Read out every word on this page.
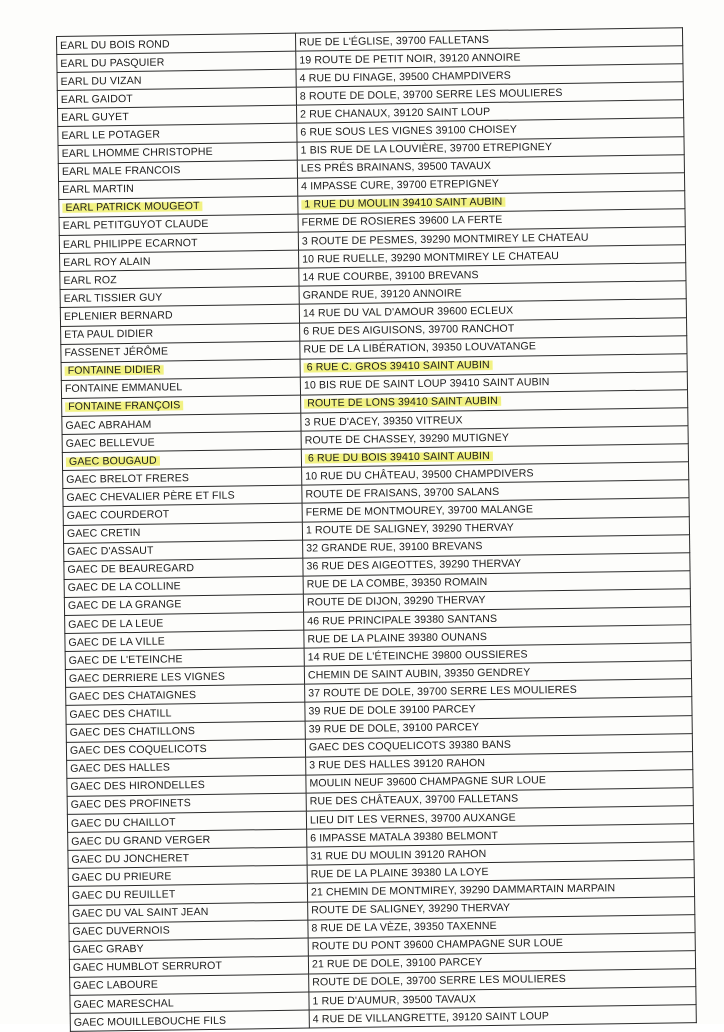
EARL DU BOIS ROND	RUE DE L'ÉGLISE, 39700 FALLETANS
EARL DU PASQUIER	19 ROUTE DE PETIT NOIR, 39120 ANNOIRE
EARL DU VIZAN	4 RUE DU FINAGE, 39500 CHAMPDIVERS
EARL GAIDOT	8 ROUTE DE DOLE, 39700 SERRE LES MOULIERES
EARL GUYET	2 RUE CHANAUX, 39120 SAINT LOUP
EARL LE POTAGER	6 RUE SOUS LES VIGNES 39100 CHOISEY
EARL LHOMME CHRISTOPHE	1 BIS RUE DE LA LOUVIÈRE, 39700 ETREPIGNEY
EARL MALE FRANCOIS	LES PRÉS BRAINANS, 39500 TAVAUX
EARL MARTIN	4 IMPASSE CURE, 39700 ETREPIGNEY
EARL PATRICK MOUGEOT	1 RUE DU MOULIN 39410 SAINT AUBIN
EARL PETITGUYOT CLAUDE	FERME DE ROSIERES 39600 LA FERTE
EARL PHILIPPE ECARNOT	3 ROUTE DE PESMES, 39290 MONTMIREY LE CHATEAU
EARL ROY ALAIN	10 RUE RUELLE, 39290 MONTMIREY LE CHATEAU
EARL ROZ	14 RUE COURBE, 39100 BREVANS
EARL TISSIER GUY	GRANDE RUE, 39120 ANNOIRE
EPLENIER BERNARD	14 RUE DU VAL D'AMOUR 39600 ECLEUX
ETA PAUL DIDIER	6 RUE DES AIGUISONS, 39700 RANCHOT
FASSENET JÉRÔME	RUE DE LA LIBÉRATION, 39350 LOUVATANGE
FONTAINE DIDIER	6 RUE C. GROS 39410 SAINT AUBIN
FONTAINE EMMANUEL	10 BIS RUE DE SAINT LOUP 39410 SAINT AUBIN
FONTAINE FRANÇOIS	ROUTE DE LONS 39410 SAINT AUBIN
GAEC ABRAHAM	3 RUE D'ACEY, 39350 VITREUX
GAEC BELLEVUE	ROUTE DE CHASSEY, 39290 MUTIGNEY
GAEC BOUGAUD	6 RUE DU BOIS 39410 SAINT AUBIN
GAEC BRELOT FRERES	10 RUE DU CHÂTEAU, 39500 CHAMPDIVERS
GAEC CHEVALIER PÈRE ET FILS	ROUTE DE FRAISANS, 39700 SALANS
GAEC COURDEROT	FERME DE MONTMOUREY, 39700 MALANGE
GAEC CRETIN	1 ROUTE DE SALIGNEY, 39290 THERVAY
GAEC D'ASSAUT	32 GRANDE RUE, 39100 BREVANS
GAEC DE BEAUREGARD	36 RUE DES AIGEOTTES, 39290 THERVAY
GAEC DE LA COLLINE	RUE DE LA COMBE, 39350 ROMAIN
GAEC DE LA GRANGE	ROUTE DE DIJON, 39290 THERVAY
GAEC DE LA LEUE	46 RUE PRINCIPALE 39380 SANTANS
GAEC DE LA VILLE	RUE DE LA PLAINE 39380 OUNANS
GAEC DE L'ETEINCHE	14 RUE DE L'ÉTEINCHE 39800 OUSSIERES
GAEC DERRIERE LES VIGNES	CHEMIN DE SAINT AUBIN, 39350 GENDREY
GAEC DES CHATAIGNES	37 ROUTE DE DOLE, 39700 SERRE LES MOULIERES
GAEC DES CHATILL	39 RUE DE DOLE 39100 PARCEY
GAEC DES CHATILLONS	39 RUE DE DOLE, 39100 PARCEY
GAEC DES COQUELICOTS	GAEC DES COQUELICOTS 39380 BANS
GAEC DES HALLES	3 RUE DES HALLES 39120 RAHON
GAEC DES HIRONDELLES	MOULIN NEUF 39600 CHAMPAGNE SUR LOUE
GAEC DES PROFINETS	RUE DES CHÂTEAUX, 39700 FALLETANS
GAEC DU CHAILLOT	LIEU DIT LES VERNES, 39700 AUXANGE
GAEC DU GRAND VERGER	6 IMPASSE MATALA 39380 BELMONT
GAEC DU JONCHERET	31 RUE DU MOULIN 39120 RAHON
GAEC DU PRIEURE	RUE DE LA PLAINE 39380 LA LOYE
GAEC DU REUILLET	21 CHEMIN DE MONTMIREY, 39290 DAMMARTAIN MARPAIN
GAEC DU VAL SAINT JEAN	ROUTE DE SALIGNEY, 39290 THERVAY
GAEC DUVERNOIS	8 RUE DE LA VÈZE, 39350 TAXENNE
GAEC GRABY	ROUTE DU PONT 39600 CHAMPAGNE SUR LOUE
GAEC HUMBLOT SERRUROT	21 RUE DE DOLE, 39100 PARCEY
GAEC LABOURE	ROUTE DE DOLE, 39700 SERRE LES MOULIERES
GAEC MARESCHAL	1 RUE D'AUMUR, 39500 TAVAUX
GAEC MOUILLEBOUCHE FILS	4 RUE DE VILLANGRETTE, 39120 SAINT LOUP
